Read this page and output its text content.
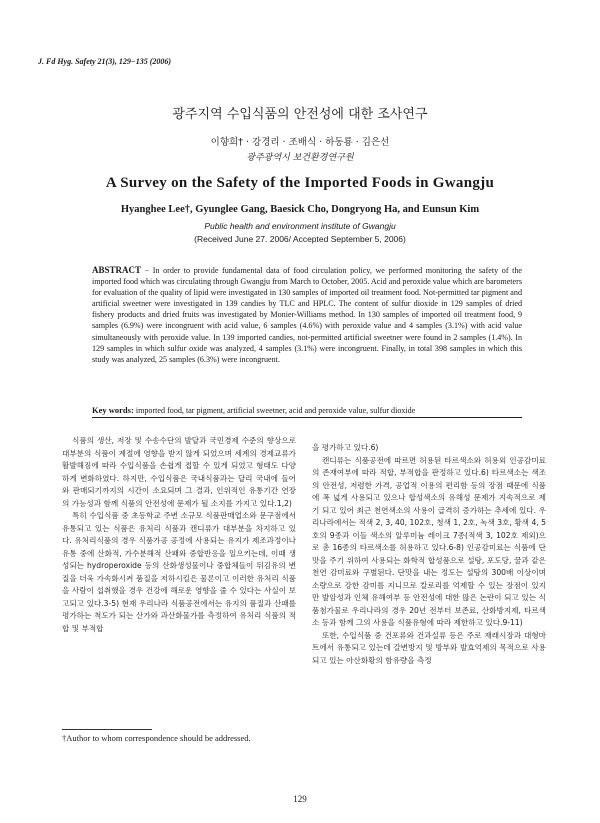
J. Fd Hyg. Safety 21(3), 129−135 (2006)
광주지역 수입식품의 안전성에 대한 조사연구
이향희† · 강경리 · 조배식 · 하동룡 · 김은선
광주광역시 보건환경연구원
A Survey on the Safety of the Imported Foods in Gwangju
Hyanghee Lee†, Gyunglee Gang, Baesick Cho, Dongryong Ha, and Eunsun Kim
Public health and environment institute of Gwangju
(Received June 27. 2006/ Accepted September 5, 2006)
ABSTRACT − In order to provide fundamental data of food circulation policy, we performed monitoring the safety of the imported food which was circulating through Gwangju from March to October, 2005. Acid and peroxide value which are barometers for evaluation of the quality of lipid were investigated in 130 samples of imported oil treatment food. Not-permitted tar pigment and artificial sweetner were investigated in 139 candies by TLC and HPLC. The content of sulfur dioxide in 129 samples of dried fishery products and dried fruits was investigated by Monier-Williams method. In 130 samples of imported oil treatment food, 9 samples (6.9%) were incongruent with acid value, 6 samples (4.6%) with peroxide value and 4 samples (3.1%) with acid value simultaneously with peroxide value. In 139 imported candies, not-permitted artificial sweetner were found in 2 samples (1.4%). In 129 samples in which sulfur oxide was analyzed, 4 samples (3.1%) were incongruent. Finally, in total 398 samples in which this study was analyzed, 25 samples (6.3%) were incongruent.
Key words: imported food, tar pigment, artificial sweetner, acid and peroxide value, sulfur dioxide

식품의 생산, 저장 및 수송수단의 발달과 국민경제 수준의 향상으로 대부분의 식품이 계절에 영향을 받지 않게 되었으며 세계의 경제교류가 활발해짐에 따라 수입식품을 손쉽게 접할 수 있게 되었고 형태도 다양하게 변화하였다. 하지만, 수입식품은 국내식품과는 달리 국내에 들어와 판매되기까지의 시간이 소요되며 그 결과, 인위적인 유통기간 연장의 가능성과 함께 식품의 안전성에 문제가 될 소지를 가지고 있다.1,2)

특히 수입식품 중 초등학교 주변 소규모 식품판매업소와 문구점에서 유통되고 있는 식품은 유처리 식품과 캔디류가 대부분을 차지하고 있다. 유처리식품의 경우 식품가공 공정에 사용되는 유지가 제조과정이나 유통 중에 산화적, 가수분해적 산패와 중합반응을 일으키는데, 이때 생성되는 hydroperoxide 등의 산화생성물이나 중합체들이 뒤김유의 변질을 더욱 가속화시켜 품질을 저하시킬은 물론이고 이러한 유처리 식품을 사람이 섭취했을 경우 건강에 해로운 영향을 줄 수 있다는 사실이 보고되고 있다.3-5) 현재 우리나라 식품공전에서는 유지의 품질과 산패를 평가하는 척도가 되는 산가와 과산화물가를 측정하여 유처리 식품의 적합 및 부적합

을 평가하고 있다.6)

캔디류는 식품공전에 따르면 허용된 타르색소와 허용외 인공감미료의 존재여부에 따라 적합, 부적합을 판정하고 있다.6) 타르색소는 색조의 안전성, 저렴한 가격, 공업적 이용의 편리함 등의 장점 때문에 식품에 폭 넓게 사용되고 있으나 합성색소의 유해성 문제가 지속적으로 제기 되고 있어 최근 천연색소의 사용이 급격히 증가하는 추세에 있다. 우리나라에서는 적색 2, 3, 40, 102호, 청색 1, 2호, 녹색 3호, 황색 4, 5호의 9종과 이들 색소의 알루미늄 레이크 7종(적색 3, 102호 제외)으로 총 16종의 타르색소를 허용하고 있다.6-8) 인공감미료는 식품에 단맛을 주기 위하여 사용되는 화학적 합성품으로 설탕, 포도당, 꿀과 같은 천연 감미료와 구별된다. 단맛을 내는 정도는 설탕의 300배 이상이며 소량으로 강한 감미를 지니므로 칼로리를 억제할 수 있는 장점이 있지만 발암성과 인체 유해여부 등 안전성에 대한 많은 논란이 되고 있는 식품첨가물로 우리나라의 경우 20년 전부터 보존료, 산화방지제, 타르색소 등과 함께 그의 사용을 식품유형에 따라 제한하고 있다.9-11)

또한, 수입식품 중 건포류와 건과실류 등은 주로 재래시장과 대형마트에서 유통되고 있는데 갈변방지 및 방부와 발효억제의 목적으로 사용되고 있는 아산화황의 함유량을 측정

†Author to whom correspondence should be addressed.
129
